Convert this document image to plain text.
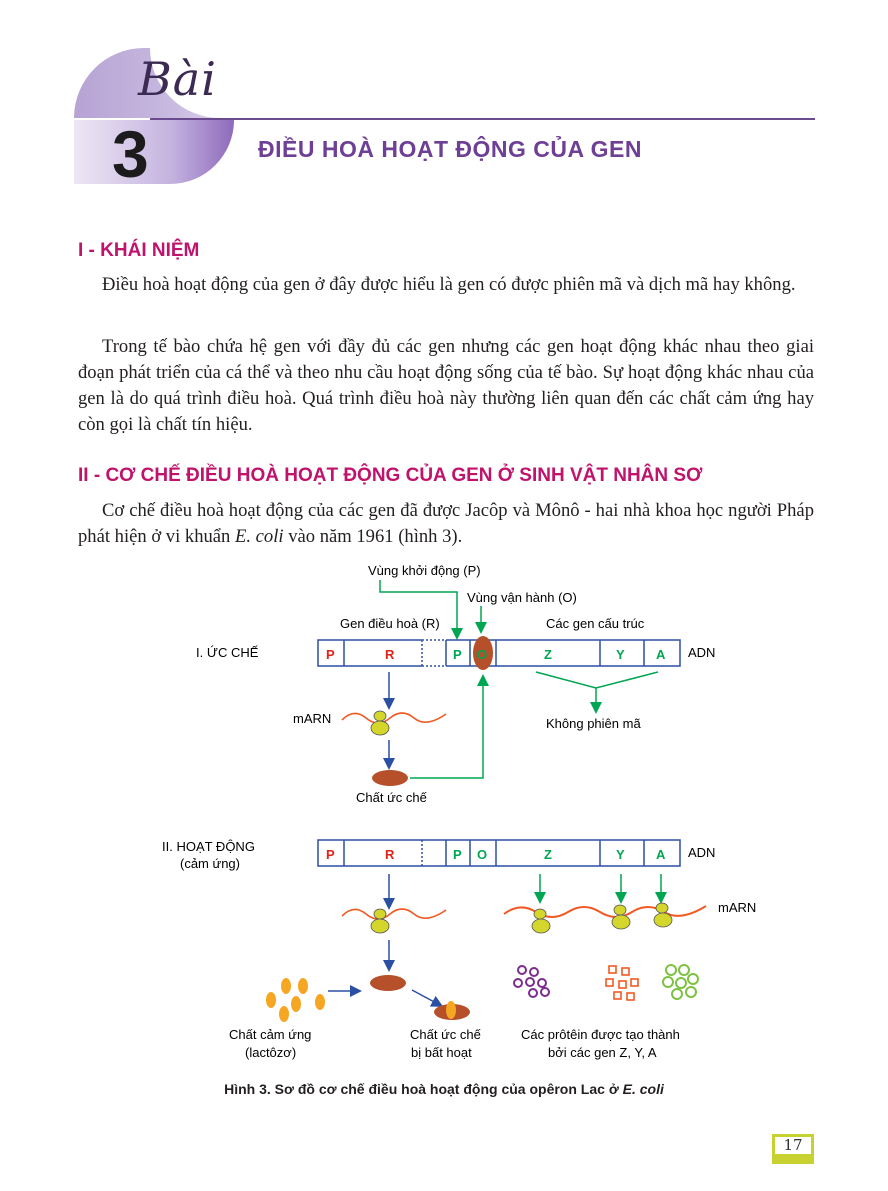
Bài
3	ĐIỀU HOÀ HOẠT ĐỘNG CỦA GEN
I - KHÁI NIỆM

Điều hoà hoạt động của gen ở đây được hiểu là gen có được phiên mã và dịch mã hay không.

Trong tế bào chứa hệ gen với đầy đủ các gen nhưng các gen hoạt động khác nhau theo giai đoạn phát triển của cá thể và theo nhu cầu hoạt động sống của tế bào. Sự hoạt động khác nhau của gen là do quá trình điều hoà. Quá trình điều hoà này thường liên quan đến các chất cảm ứng hay còn gọi là chất tín hiệu.

II - CƠ CHẾ ĐIỀU HOÀ HOẠT ĐỘNG CỦA GEN Ở SINH VẬT NHÂN SƠ

Cơ chế điều hoà hoạt động của các gen đã được Jacôp và Mônô - hai nhà khoa học người Pháp phát hiện ở vi khuẩn E. coli vào năm 1961 (hình 3).

Vùng khởi động (P)
Vùng vận hành (O)
Gen điều hoà (R)	Các gen cấu trúc
I. ỨC CHẾ	P	R	P O	Z	Y A ADN
Không phiên mã
mARN
Chất ức chế
II. HOẠT ĐỘNG
(cảm ứng)
P	R	P O	Z	Y A ADN
Chất cảm ứng
(lactôzơ)
Chất ức chế
bị bất hoạt
mARN
Các prôtêin được tạo thành
bởi các gen Z, Y, A
Hình 3. Sơ đồ cơ chế điều hoà hoạt động của opêron Lac ở E. coli
17
